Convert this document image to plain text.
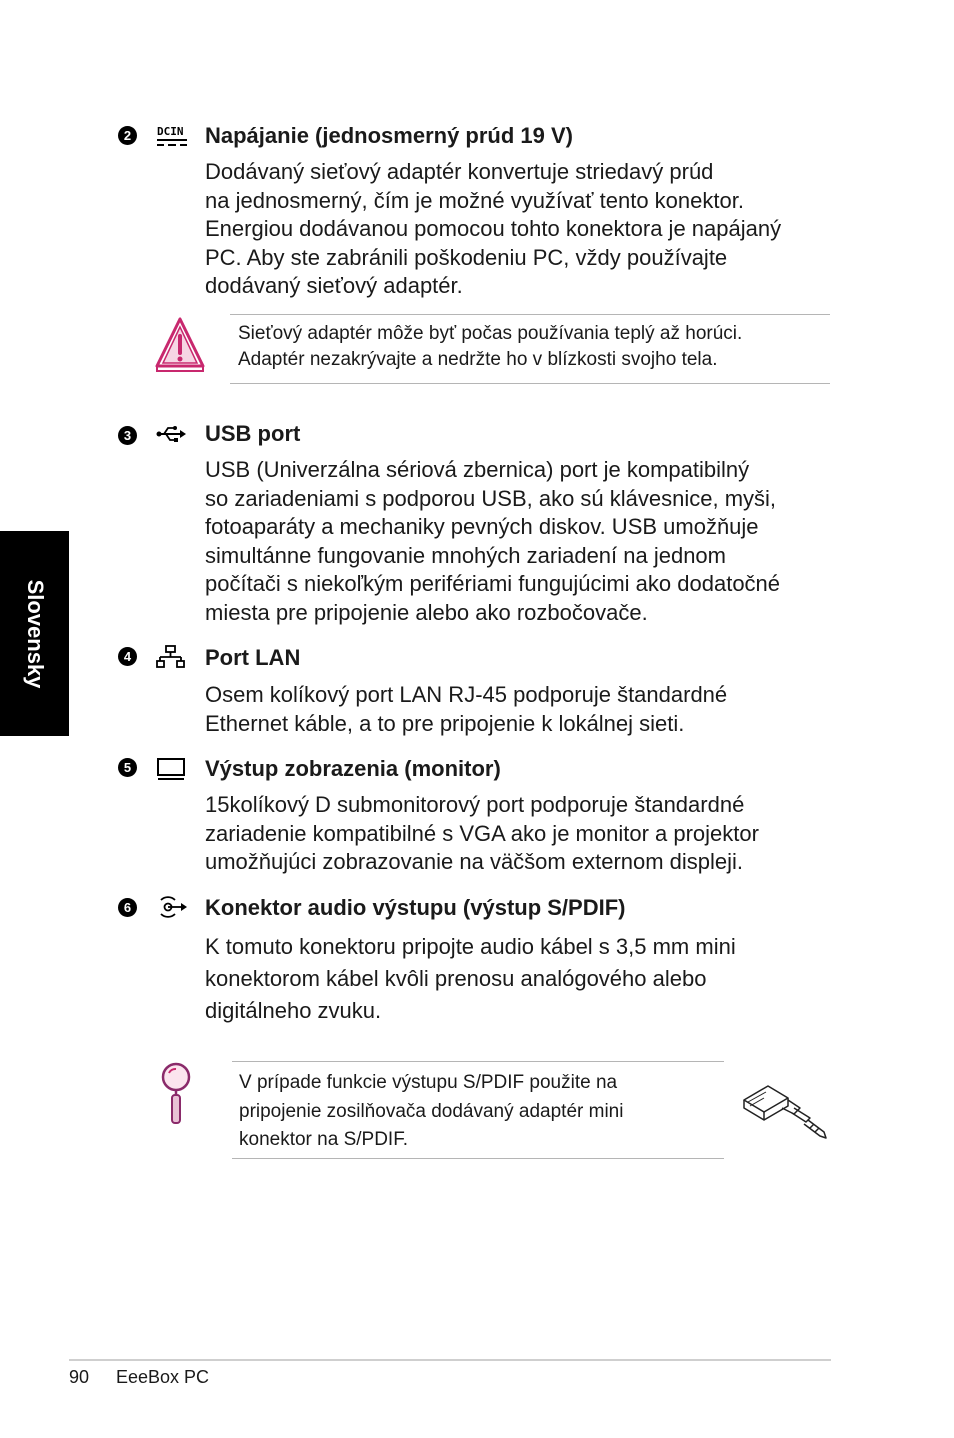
Slovensky
2	DCIN Napájanie (jednosmerný prúd 19 V)
Dodávaný sieťový adaptér konvertuje striedavý prúd
na jednosmerný, čím je možné využívať tento konektor.
Energiou dodávanou pomocou tohto konektora je napájaný
PC. Aby ste zabránili poškodeniu PC, vždy používajte
dodávaný sieťový adaptér.
Sieťový adaptér môže byť počas používania teplý až horúci.
Adaptér nezakrývajte a nedržte ho v blízkosti svojho tela.
3	USB port
USB (Univerzálna sériová zbernica) port je kompatibilný
so zariadeniami s podporou USB, ako sú klávesnice, myši,
fotoaparáty a mechaniky pevných diskov. USB umožňuje
simultánne fungovanie mnohých zariadení na jednom
počítači s niekoľkým perifériami fungujúcimi ako dodatočné
miesta pre pripojenie alebo ako rozbočovače.
4	Port LAN
Osem kolíkový port LAN RJ-45 podporuje štandardné
Ethernet káble, a to pre pripojenie k lokálnej sieti.
5	Výstup zobrazenia (monitor)
15kolíkový D submonitorový port podporuje štandardné
zariadenie kompatibilné s VGA ako je monitor a projektor
umožňujúci zobrazovanie na väčšom externom displeji.
6	Konektor audio výstupu (výstup S/PDIF)
K tomuto konektoru pripojte audio kábel s 3,5 mm mini
konektorom kábel kvôli prenosu analógového alebo
digitálneho zvuku.
V prípade funkcie výstupu S/PDIF použite na
pripojenie zosilňovača dodávaný adaptér mini
konektor na S/PDIF.
90 EeeBox PC
